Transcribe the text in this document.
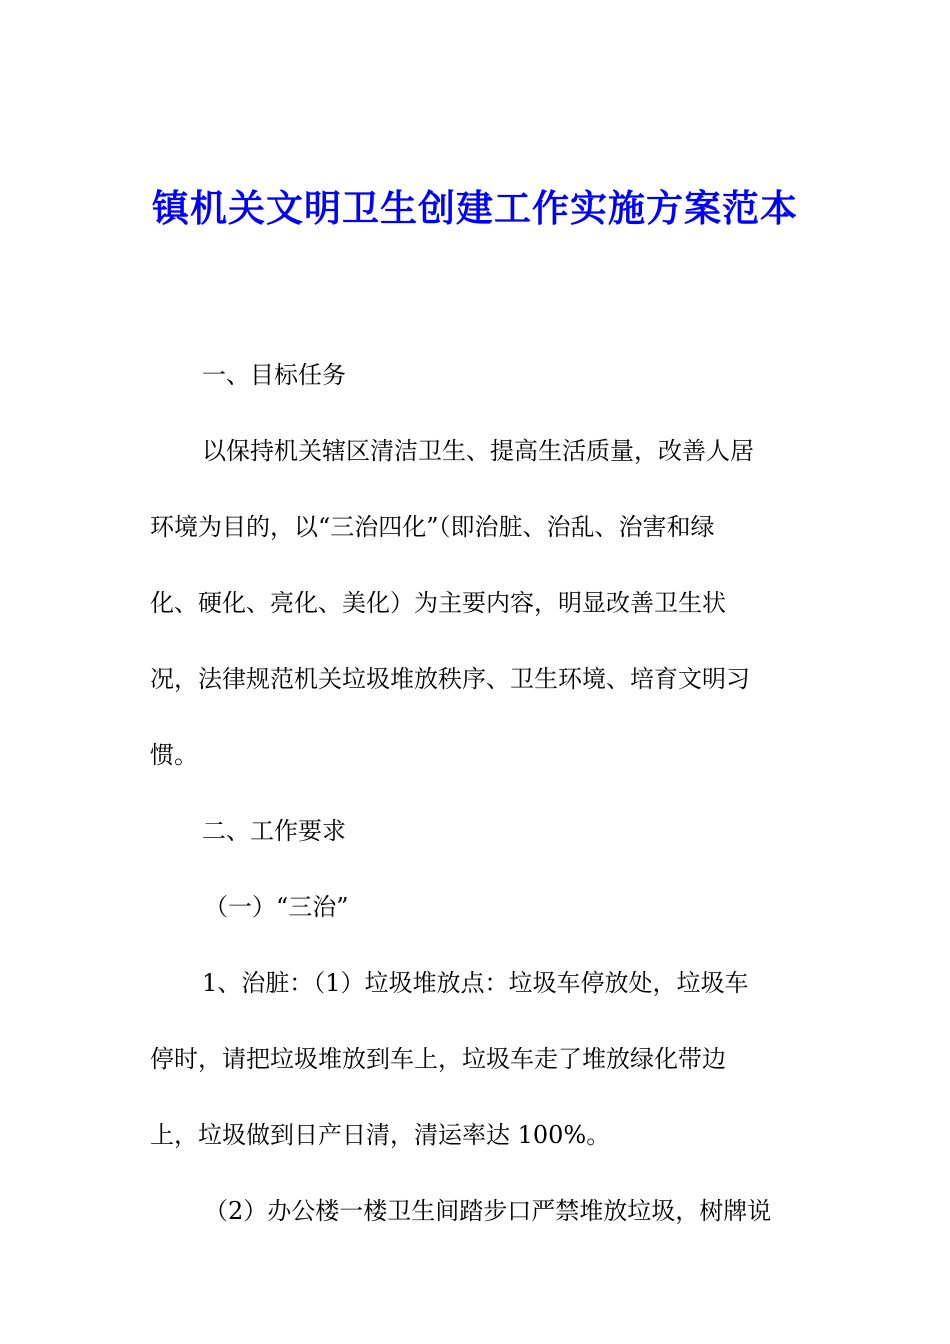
镇机关文明卫生创建工作实施方案范本
一、目标任务
以保持机关辖区清洁卫生、提高生活质量，改善人居
环境为目的，以“三治四化”（即治脏、治乱、治害和绿
化、硬化、亮化、美化）为主要内容，明显改善卫生状
况，法律规范机关垃圾堆放秩序、卫生环境、培育文明习
惯。
二、工作要求
（一）“三治”
1、治脏：（1）垃圾堆放点：垃圾车停放处，垃圾车
停时，请把垃圾堆放到车上，垃圾车走了堆放绿化带边
上，垃圾做到日产日清，清运率达 100%。
（2）办公楼一楼卫生间踏步口严禁堆放垃圾，树牌说
